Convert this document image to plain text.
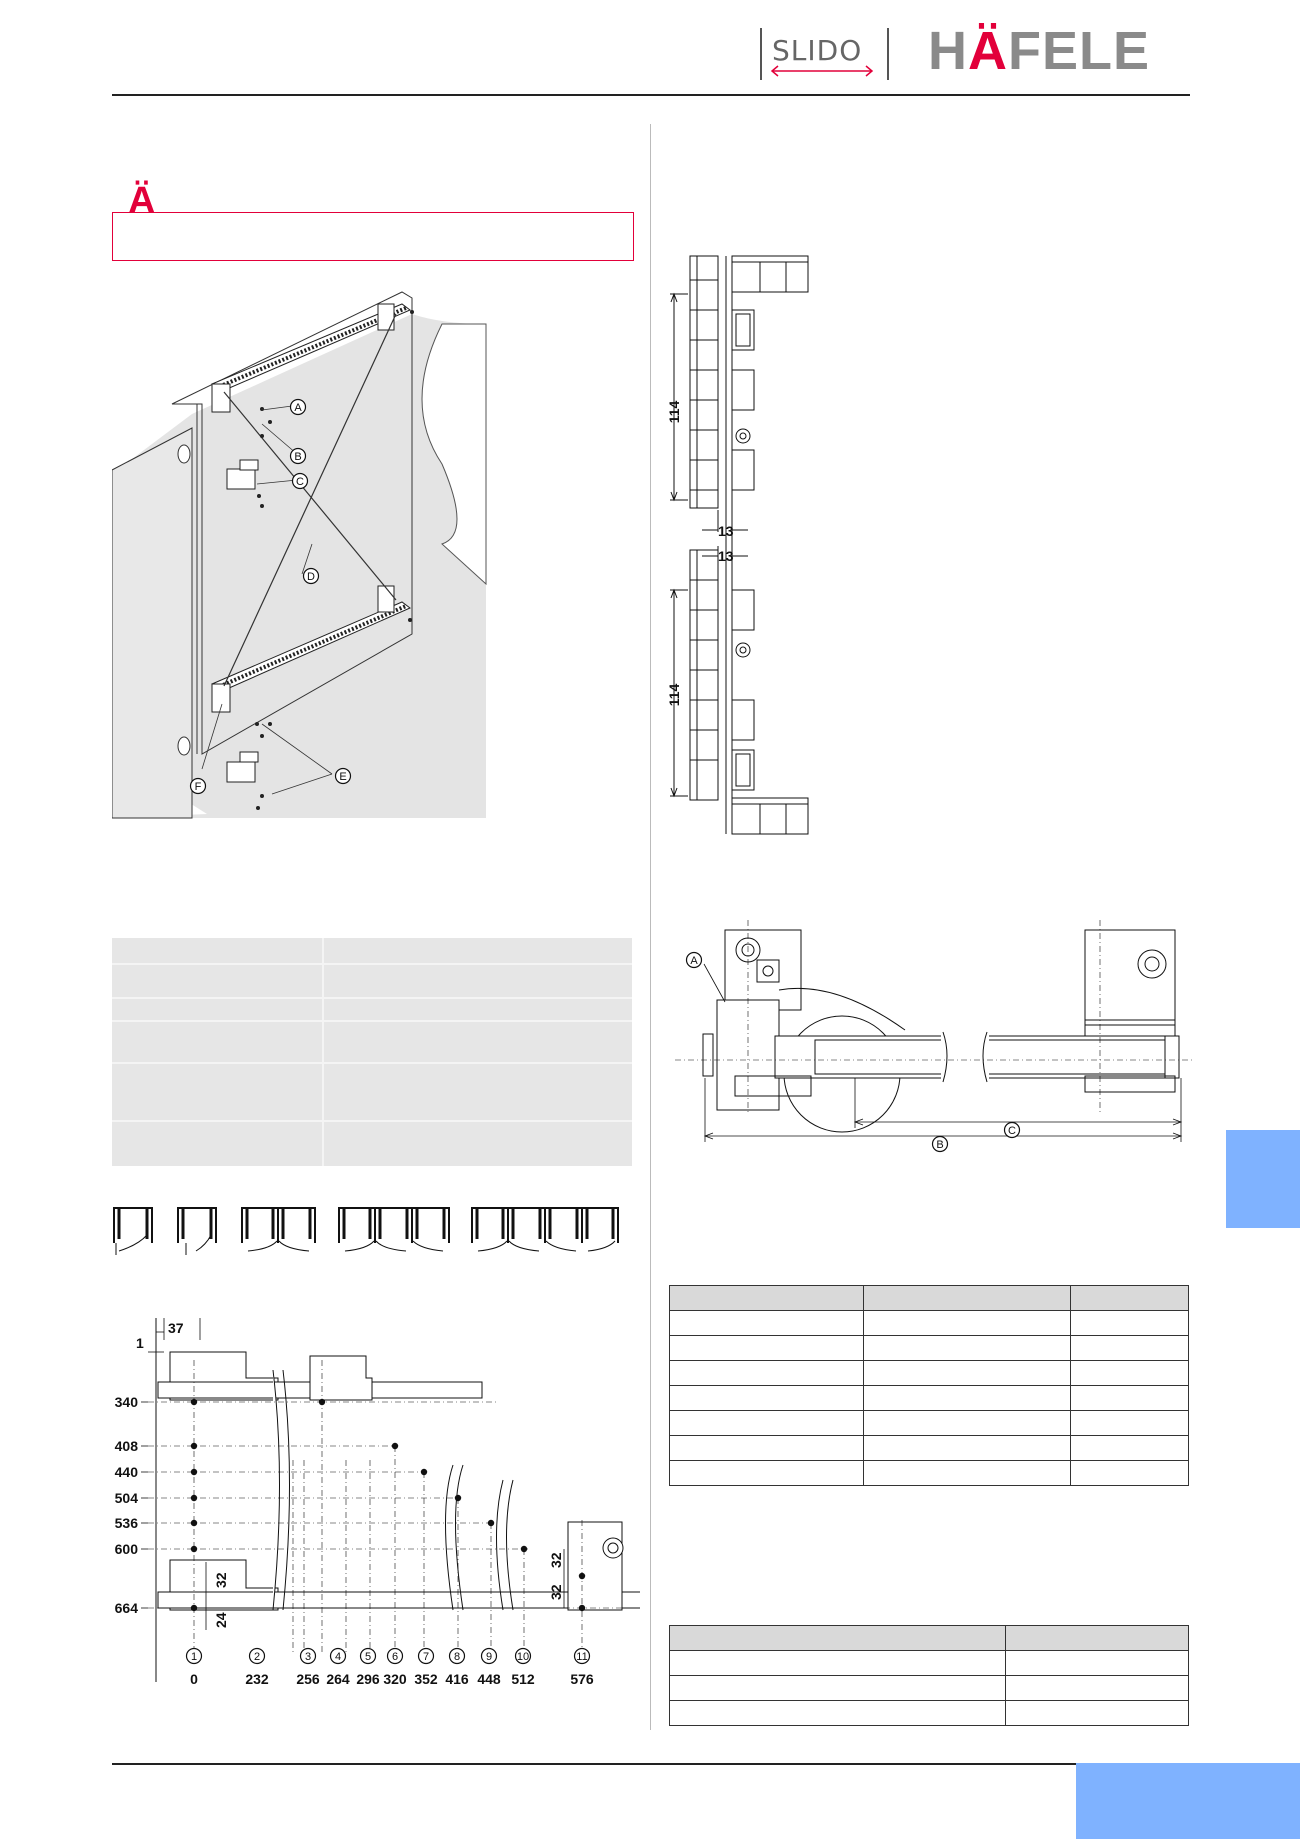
SLIDO HÄFELE
Ä
A
B
C
D
E
F
37
1
340
408
440
504
536
600
664
32
24
32
32
1	2	3 4 5 6 7 8 9 10	11
0	232 256 264 296 320 352 416 448 512	576
114
13
13
114
A
C
B
